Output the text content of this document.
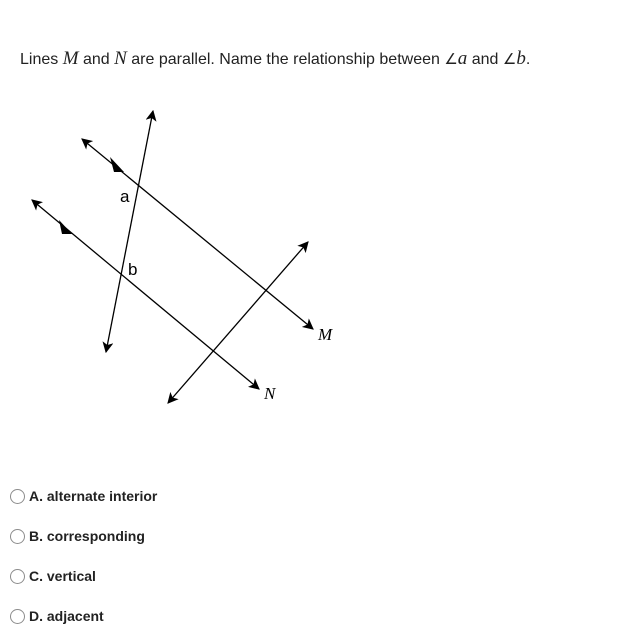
Lines M and N are parallel. Name the relationship between ∠a and ∠b.
a
b
M
N
A. alternate interior
B. corresponding
C. vertical
D. adjacent
